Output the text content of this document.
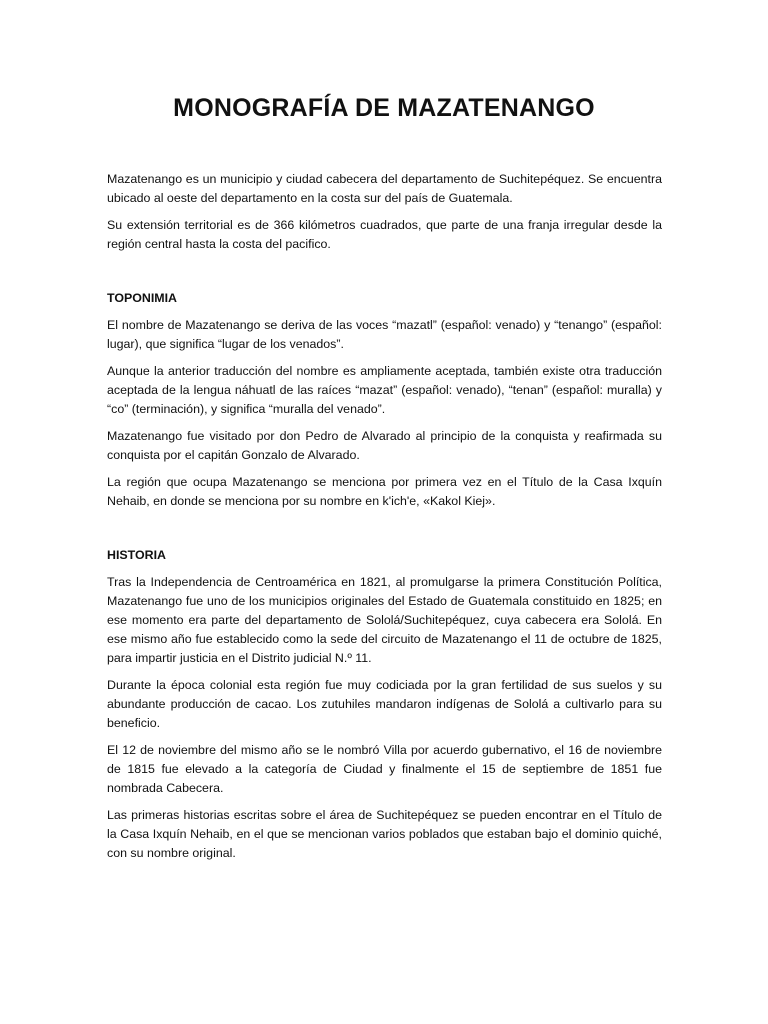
MONOGRAFÍA DE MAZATENANGO

Mazatenango es un municipio y ciudad cabecera del departamento de Suchitepéquez. Se encuentra ubicado al oeste del departamento en la costa sur del país de Guatemala.

Su extensión territorial es de 366 kilómetros cuadrados, que parte de una franja irregular desde la región central hasta la costa del pacifico.

TOPONIMIA

El nombre de Mazatenango se deriva de las voces “mazatl” (español: venado) y “tenango” (español: lugar), que significa “lugar de los venados”.

Aunque la anterior traducción del nombre es ampliamente aceptada, también existe otra traducción aceptada de la lengua náhuatl de las raíces “mazat” (español: venado), “tenan” (español: muralla) y “co” (terminación), y significa “muralla del venado”.

Mazatenango fue visitado por don Pedro de Alvarado al principio de la conquista y reafirmada su conquista por el capitán Gonzalo de Alvarado.

La región que ocupa Mazatenango se menciona por primera vez en el Título de la Casa Ixquín Nehaib, en donde se menciona por su nombre en k'ich'e, «Kakol Kiej».

HISTORIA

Tras la Independencia de Centroamérica en 1821, al promulgarse la primera Constitución Política, Mazatenango fue uno de los municipios originales del Estado de Guatemala constituido en 1825; en ese momento era parte del departamento de Sololá/Suchitepéquez, cuya cabecera era Sololá. En ese mismo año fue establecido como la sede del circuito de Mazatenango el 11 de octubre de 1825, para impartir justicia en el Distrito judicial N.º 11.

Durante la época colonial esta región fue muy codiciada por la gran fertilidad de sus suelos y su abundante producción de cacao. Los zutuhiles mandaron indígenas de Sololá a cultivarlo para su beneficio.

El 12 de noviembre del mismo año se le nombró Villa por acuerdo gubernativo, el 16 de noviembre de 1815 fue elevado a la categoría de Ciudad y finalmente el 15 de septiembre de 1851 fue nombrada Cabecera.

Las primeras historias escritas sobre el área de Suchitepéquez se pueden encontrar en el Título de la Casa Ixquín Nehaib, en el que se mencionan varios poblados que estaban bajo el dominio quiché, con su nombre original.
